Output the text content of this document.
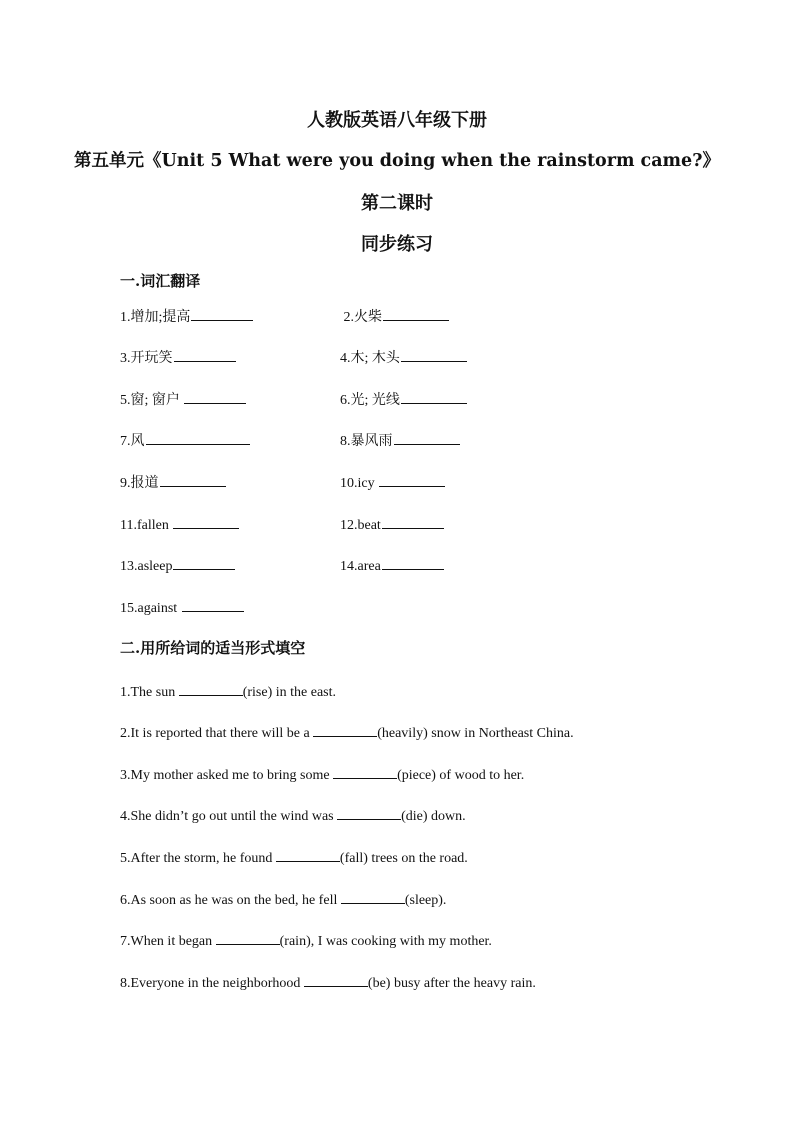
人教版英语八年级下册
第五单元《Unit 5 What were you doing when the rainstorm came?》
第二课时
同步练习
一.词汇翻译
1.增加;提高	2.火柴
3.开玩笑	4.木; 木头
5.窗; 窗户	6.光; 光线
7.风	8.暴风雨
9.报道	10.icy
11.fallen	12.beat
13.asleep	14.area
15.against
二.用所给词的适当形式填空
1.The sun	(rise) in the east.
2.It is reported that there will be a	(heavily) snow in Northeast China.
3.My mother asked me to bring some	(piece) of wood to her.
4.She didn’t go out until the wind was	(die) down.
5.After the storm, he found	(fall) trees on the road.
6.As soon as he was on the bed, he fell	(sleep).
7.When it began	(rain), I was cooking with my mother.
8.Everyone in the neighborhood	(be) busy after the heavy rain.
